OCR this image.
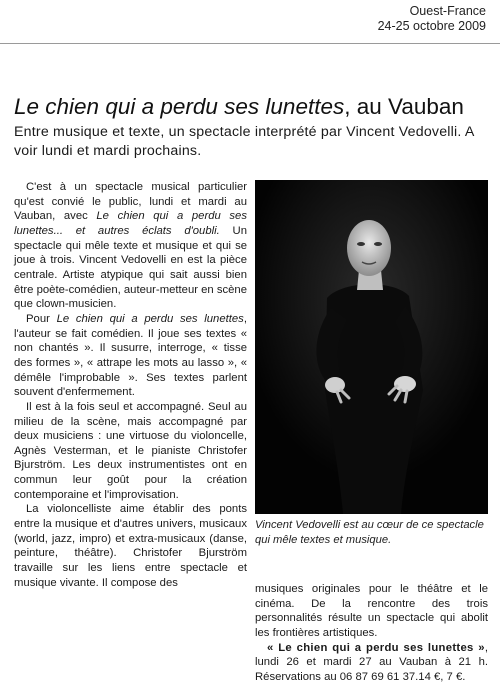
Ouest-France
24-25 octobre 2009
Le chien qui a perdu ses lunettes, au Vauban
Entre musique et texte, un spectacle interprété par Vincent Vedovelli. A voir lundi et mardi prochains.

C'est à un spectacle musical particulier qu'est convié le public, lundi et mardi au Vauban, avec Le chien qui a perdu ses lunettes... et autres éclats d'oubli. Un spectacle qui mêle texte et musique et qui se joue à trois. Vincent Vedovelli en est la pièce centrale. Artiste atypique qui sait aussi bien être poète-comédien, auteur-metteur en scène que clown-musicien.

Pour Le chien qui a perdu ses lunettes, l'auteur se fait comédien. Il joue ses textes « non chantés ». Il susurre, interroge, « tisse des formes », « attrape les mots au lasso », « démêle l'improbable ». Ses textes parlent souvent d'enfermement.

Il est à la fois seul et accompagné. Seul au milieu de la scène, mais accompagné par deux musiciens : une virtuose du violoncelle, Agnès Vesterman, et le pianiste Christofer Bjurström. Les deux instrumentistes ont en commun leur goût pour la création contemporaine et l'improvisation.

La violoncelliste aime établir des ponts entre la musique et d'autres univers, musicaux (world, jazz, impro) et extra-musicaux (danse, peinture, théâtre). Christofer Bjurström travaille sur les liens entre spectacle et musique vivante. Il compose des

Vincent Vedovelli est au cœur de ce spectacle qui mêle textes et musique.

musiques originales pour le théâtre et le cinéma. De la rencontre des trois personnalités résulte un spectacle qui abolit les frontières artistiques.

« Le chien qui a perdu ses lunettes », lundi 26 et mardi 27 au Vauban à 21 h. Réservations au 06 87 69 61 37.14 €, 7 €.
